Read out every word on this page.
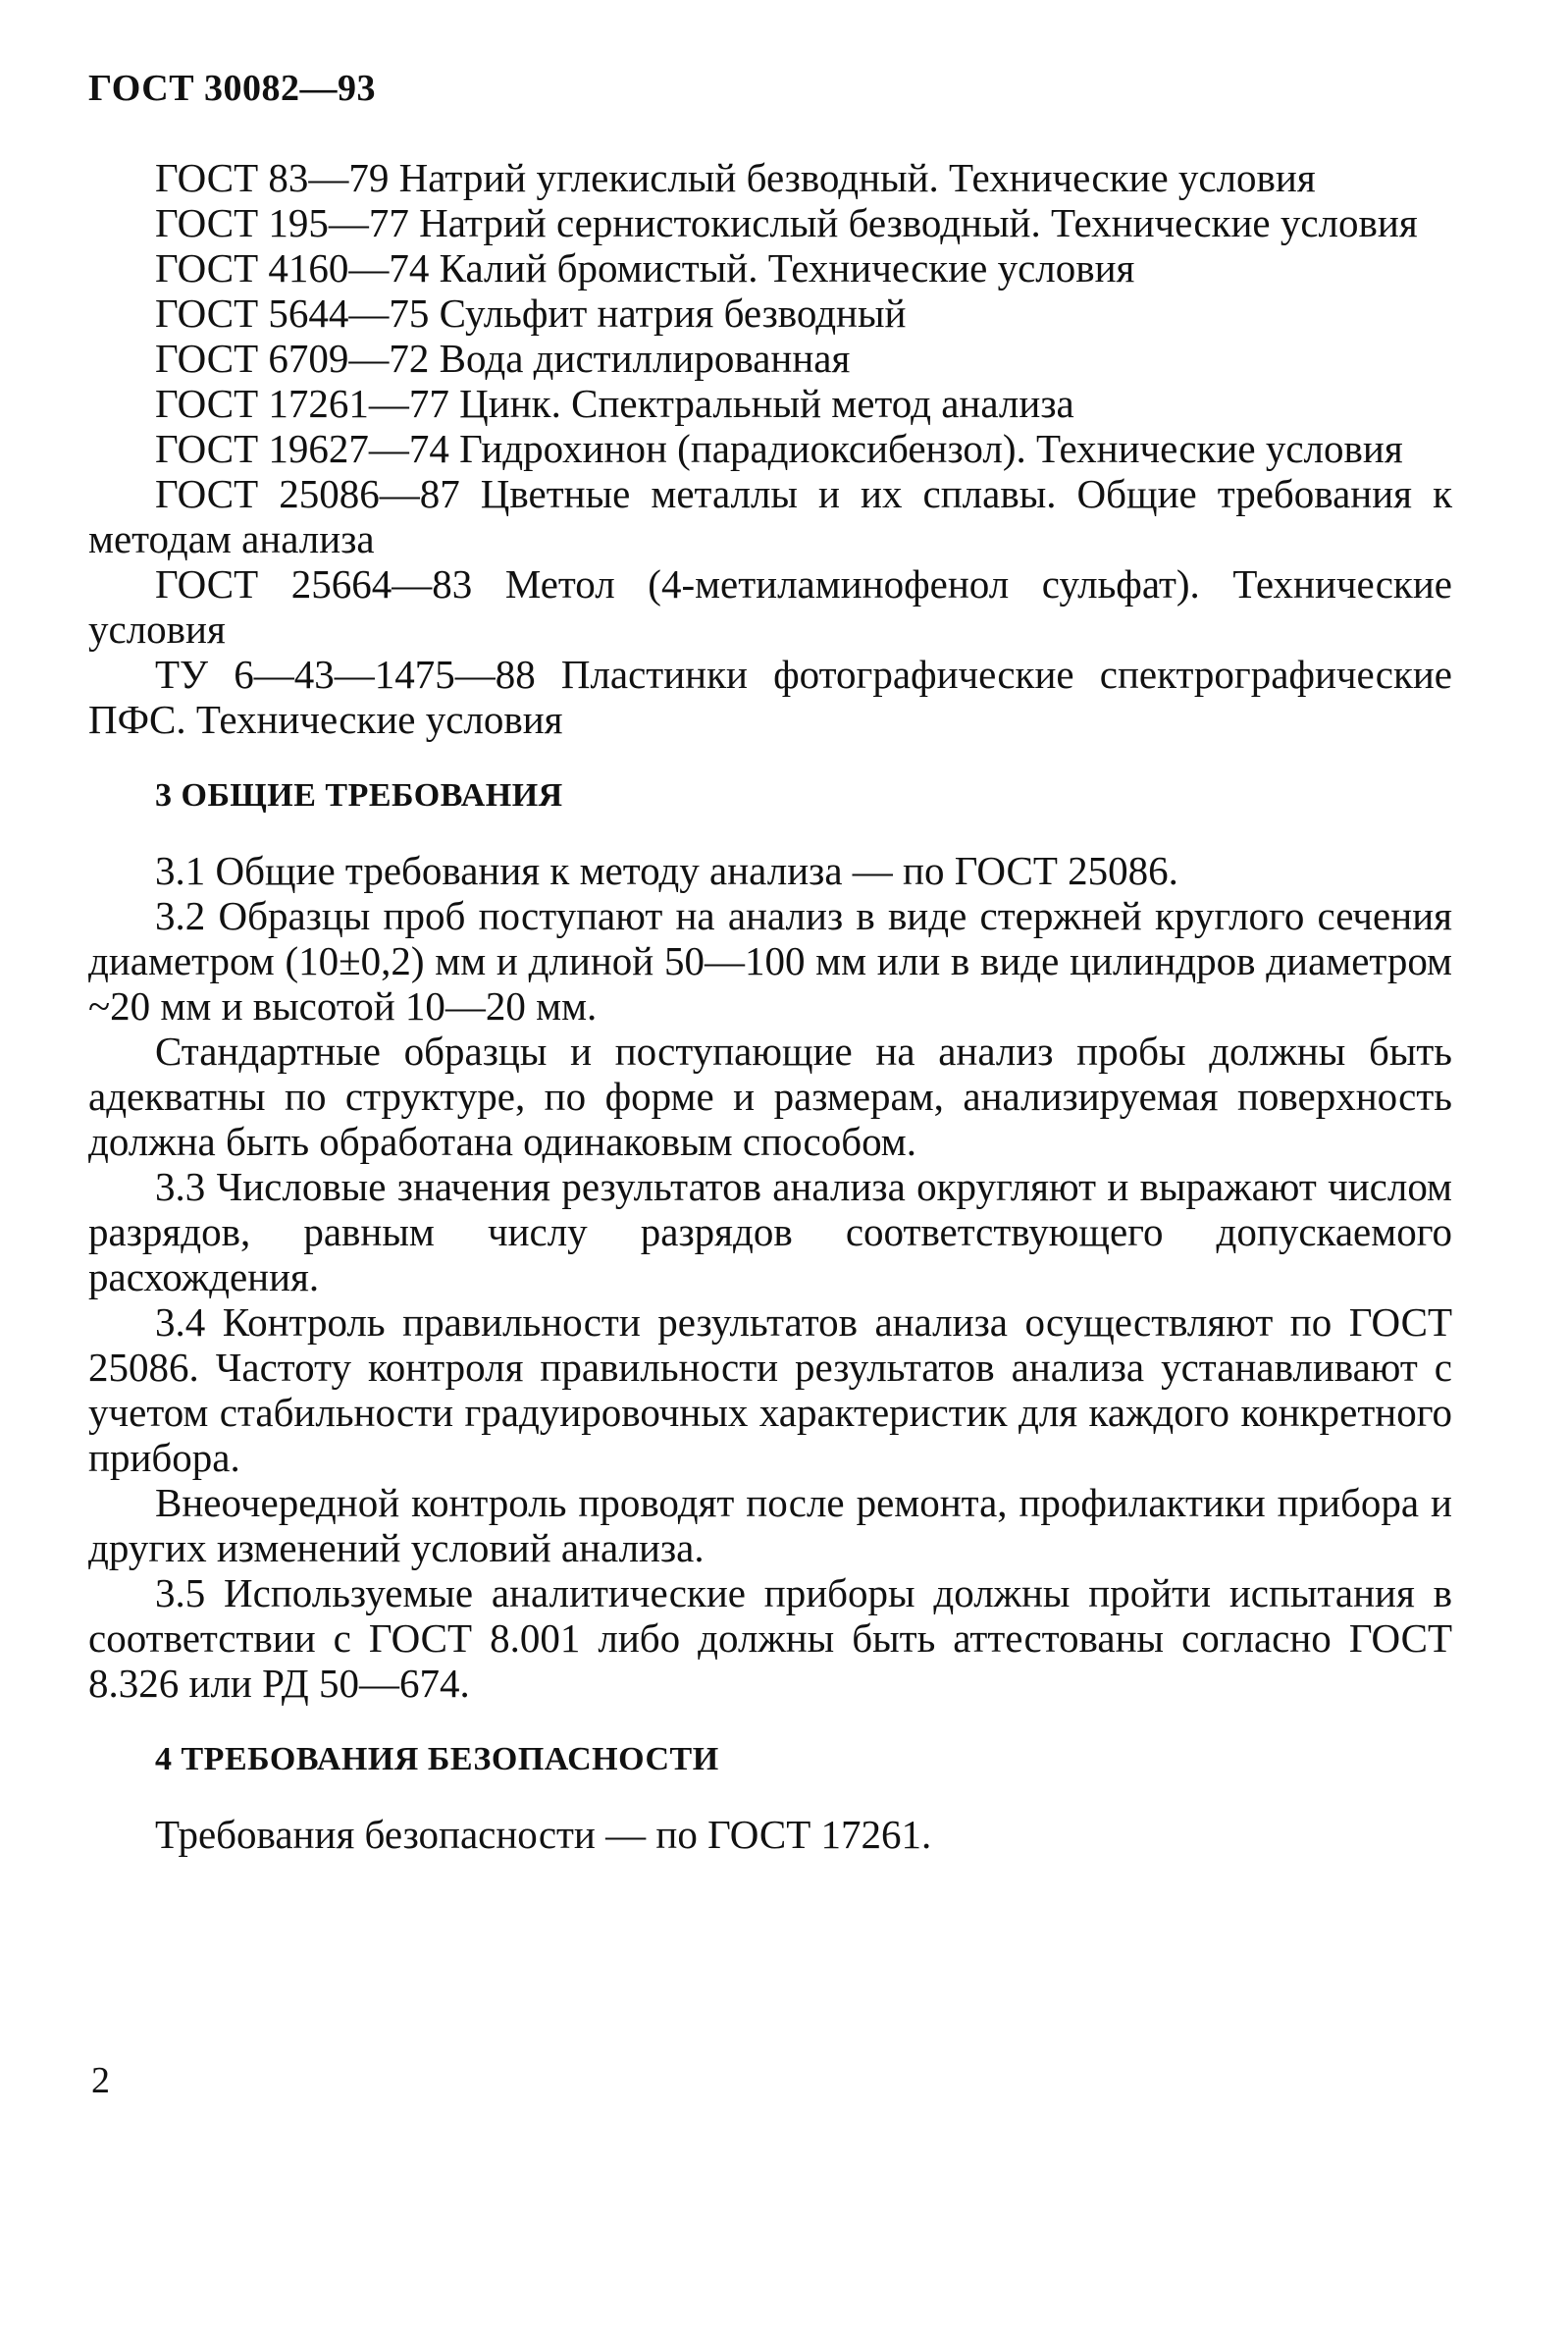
ГОСТ 30082—93

ГОСТ 83—79 Натрий углекислый безводный. Технические условия

ГОСТ 195—77 Натрий сернистокислый безводный. Технические условия

ГОСТ 4160—74 Калий бромистый. Технические условия

ГОСТ 5644—75 Сульфит натрия безводный

ГОСТ 6709—72 Вода дистиллированная

ГОСТ 17261—77 Цинк. Спектральный метод анализа

ГОСТ 19627—74 Гидрохинон (парадиоксибензол). Технические условия

ГОСТ 25086—87 Цветные металлы и их сплавы. Общие требования к методам анализа

ГОСТ 25664—83 Метол (4-метиламинофенол сульфат). Технические условия

ТУ 6—43—1475—88 Пластинки фотографические спектрографические ПФС. Технические условия

3 ОБЩИЕ ТРЕБОВАНИЯ

3.1 Общие требования к методу анализа — по ГОСТ 25086.

3.2 Образцы проб поступают на анализ в виде стержней круглого сечения диаметром (10±0,2) мм и длиной 50—100 мм или в виде цилиндров диаметром ~20 мм и высотой 10—20 мм.

Стандартные образцы и поступающие на анализ пробы должны быть адекватны по структуре, по форме и размерам, анализируемая поверхность должна быть обработана одинаковым способом.

3.3 Числовые значения результатов анализа округляют и выражают числом разрядов, равным числу разрядов соответствующего допускаемого расхождения.

3.4 Контроль правильности результатов анализа осуществляют по ГОСТ 25086. Частоту контроля правильности результатов анализа устанавливают с учетом стабильности градуировочных характеристик для каждого конкретного прибора.

Внеочередной контроль проводят после ремонта, профилактики прибора и других изменений условий анализа.

3.5 Используемые аналитические приборы должны пройти испытания в соответствии с ГОСТ 8.001 либо должны быть аттестованы согласно ГОСТ 8.326 или РД 50—674.

4 ТРЕБОВАНИЯ БЕЗОПАСНОСТИ

Требования безопасности — по ГОСТ 17261.

2
